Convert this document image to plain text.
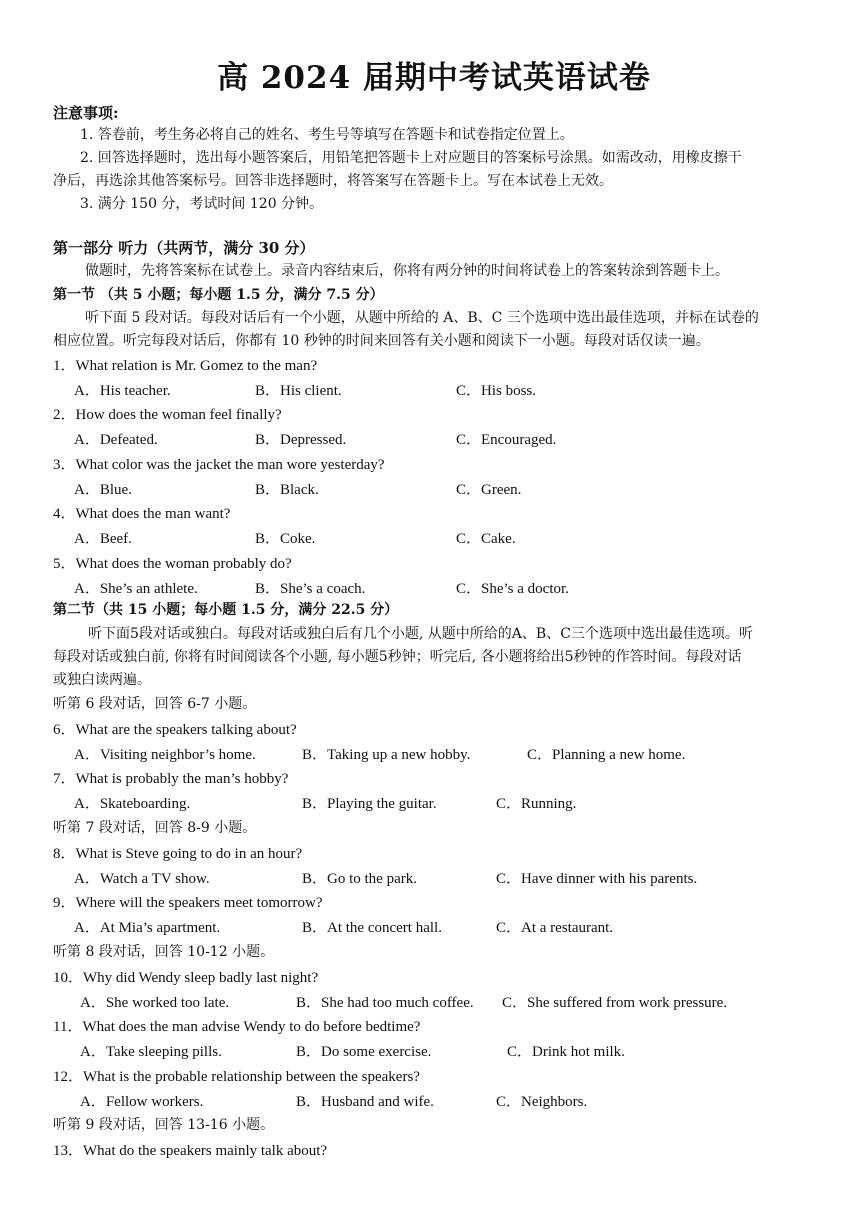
高 2024 届期中考试英语试卷
注意事项:
1. 答卷前，考生务必将自己的姓名、考生号等填写在答题卡和试卷指定位置上。
2. 回答选择题时，选出每小题答案后，用铅笔把答题卡上对应题目的答案标号涂黑。如需改动，用橡皮擦干
净后，再选涂其他答案标号。回答非选择题时，将答案写在答题卡上。写在本试卷上无效。
3. 满分 150 分，考试时间 120 分钟。
第一部分 听力（共两节，满分 30 分）
做题时，先将答案标在试卷上。录音内容结束后，你将有两分钟的时间将试卷上的答案转涂到答题卡上。
第一节 （共 5 小题；每小题 1.5 分，满分 7.5 分）
听下面 5 段对话。每段对话后有一个小题，从题中所给的 A、B、C 三个选项中选出最佳选项，并标在试卷的
相应位置。听完每段对话后，你都有 10 秒钟的时间来回答有关小题和阅读下一小题。每段对话仅读一遍。
1．What relation is Mr. Gomez to the man?
A．His teacher.	B．His client.	C．His boss.
2．How does the woman feel finally?
A．Defeated.	B．Depressed.	C．Encouraged.
3．What color was the jacket the man wore yesterday?
A．Blue.	B．Black.	C．Green.
4．What does the man want?
A．Beef.	B．Coke.	C．Cake.
5．What does the woman probably do?
A．She’s an athlete.	B．She’s a coach.	C．She’s a doctor.
第二节（共 15 小题；每小题 1.5 分，满分 22.5 分）
听下面5段对话或独白。每段对话或独白后有几个小题, 从题中所给的A、B、C三个选项中选出最佳选项。听
每段对话或独白前, 你将有时间阅读各个小题, 每小题5秒钟；听完后, 各小题将给出5秒钟的作答时间。每段对话
或独白读两遍。
听第 6 段对话，回答 6-7 小题。
6．What are the speakers talking about?
A．Visiting neighbor’s home.	B．Taking up a new hobby.	C．Planning a new home.
7．What is probably the man’s hobby?
A．Skateboarding.	B．Playing the guitar.	C．Running.
听第 7 段对话，回答 8-9 小题。
8．What is Steve going to do in an hour?
A．Watch a TV show.	B．Go to the park.	C．Have dinner with his parents.
9．Where will the speakers meet tomorrow?
A．At Mia’s apartment.	B．At the concert hall.	C．At a restaurant.
听第 8 段对话，回答 10-12 小题。
10．Why did Wendy sleep badly last night?
A．She worked too late.	B．She had too much coffee. C．She suffered from work pressure.
11．What does the man advise Wendy to do before bedtime?
A．Take sleeping pills.	B．Do some exercise.	C．Drink hot milk.
12．What is the probable relationship between the speakers?
A．Fellow workers.	B．Husband and wife.	C．Neighbors.
听第 9 段对话，回答 13-16 小题。
13．What do the speakers mainly talk about?
